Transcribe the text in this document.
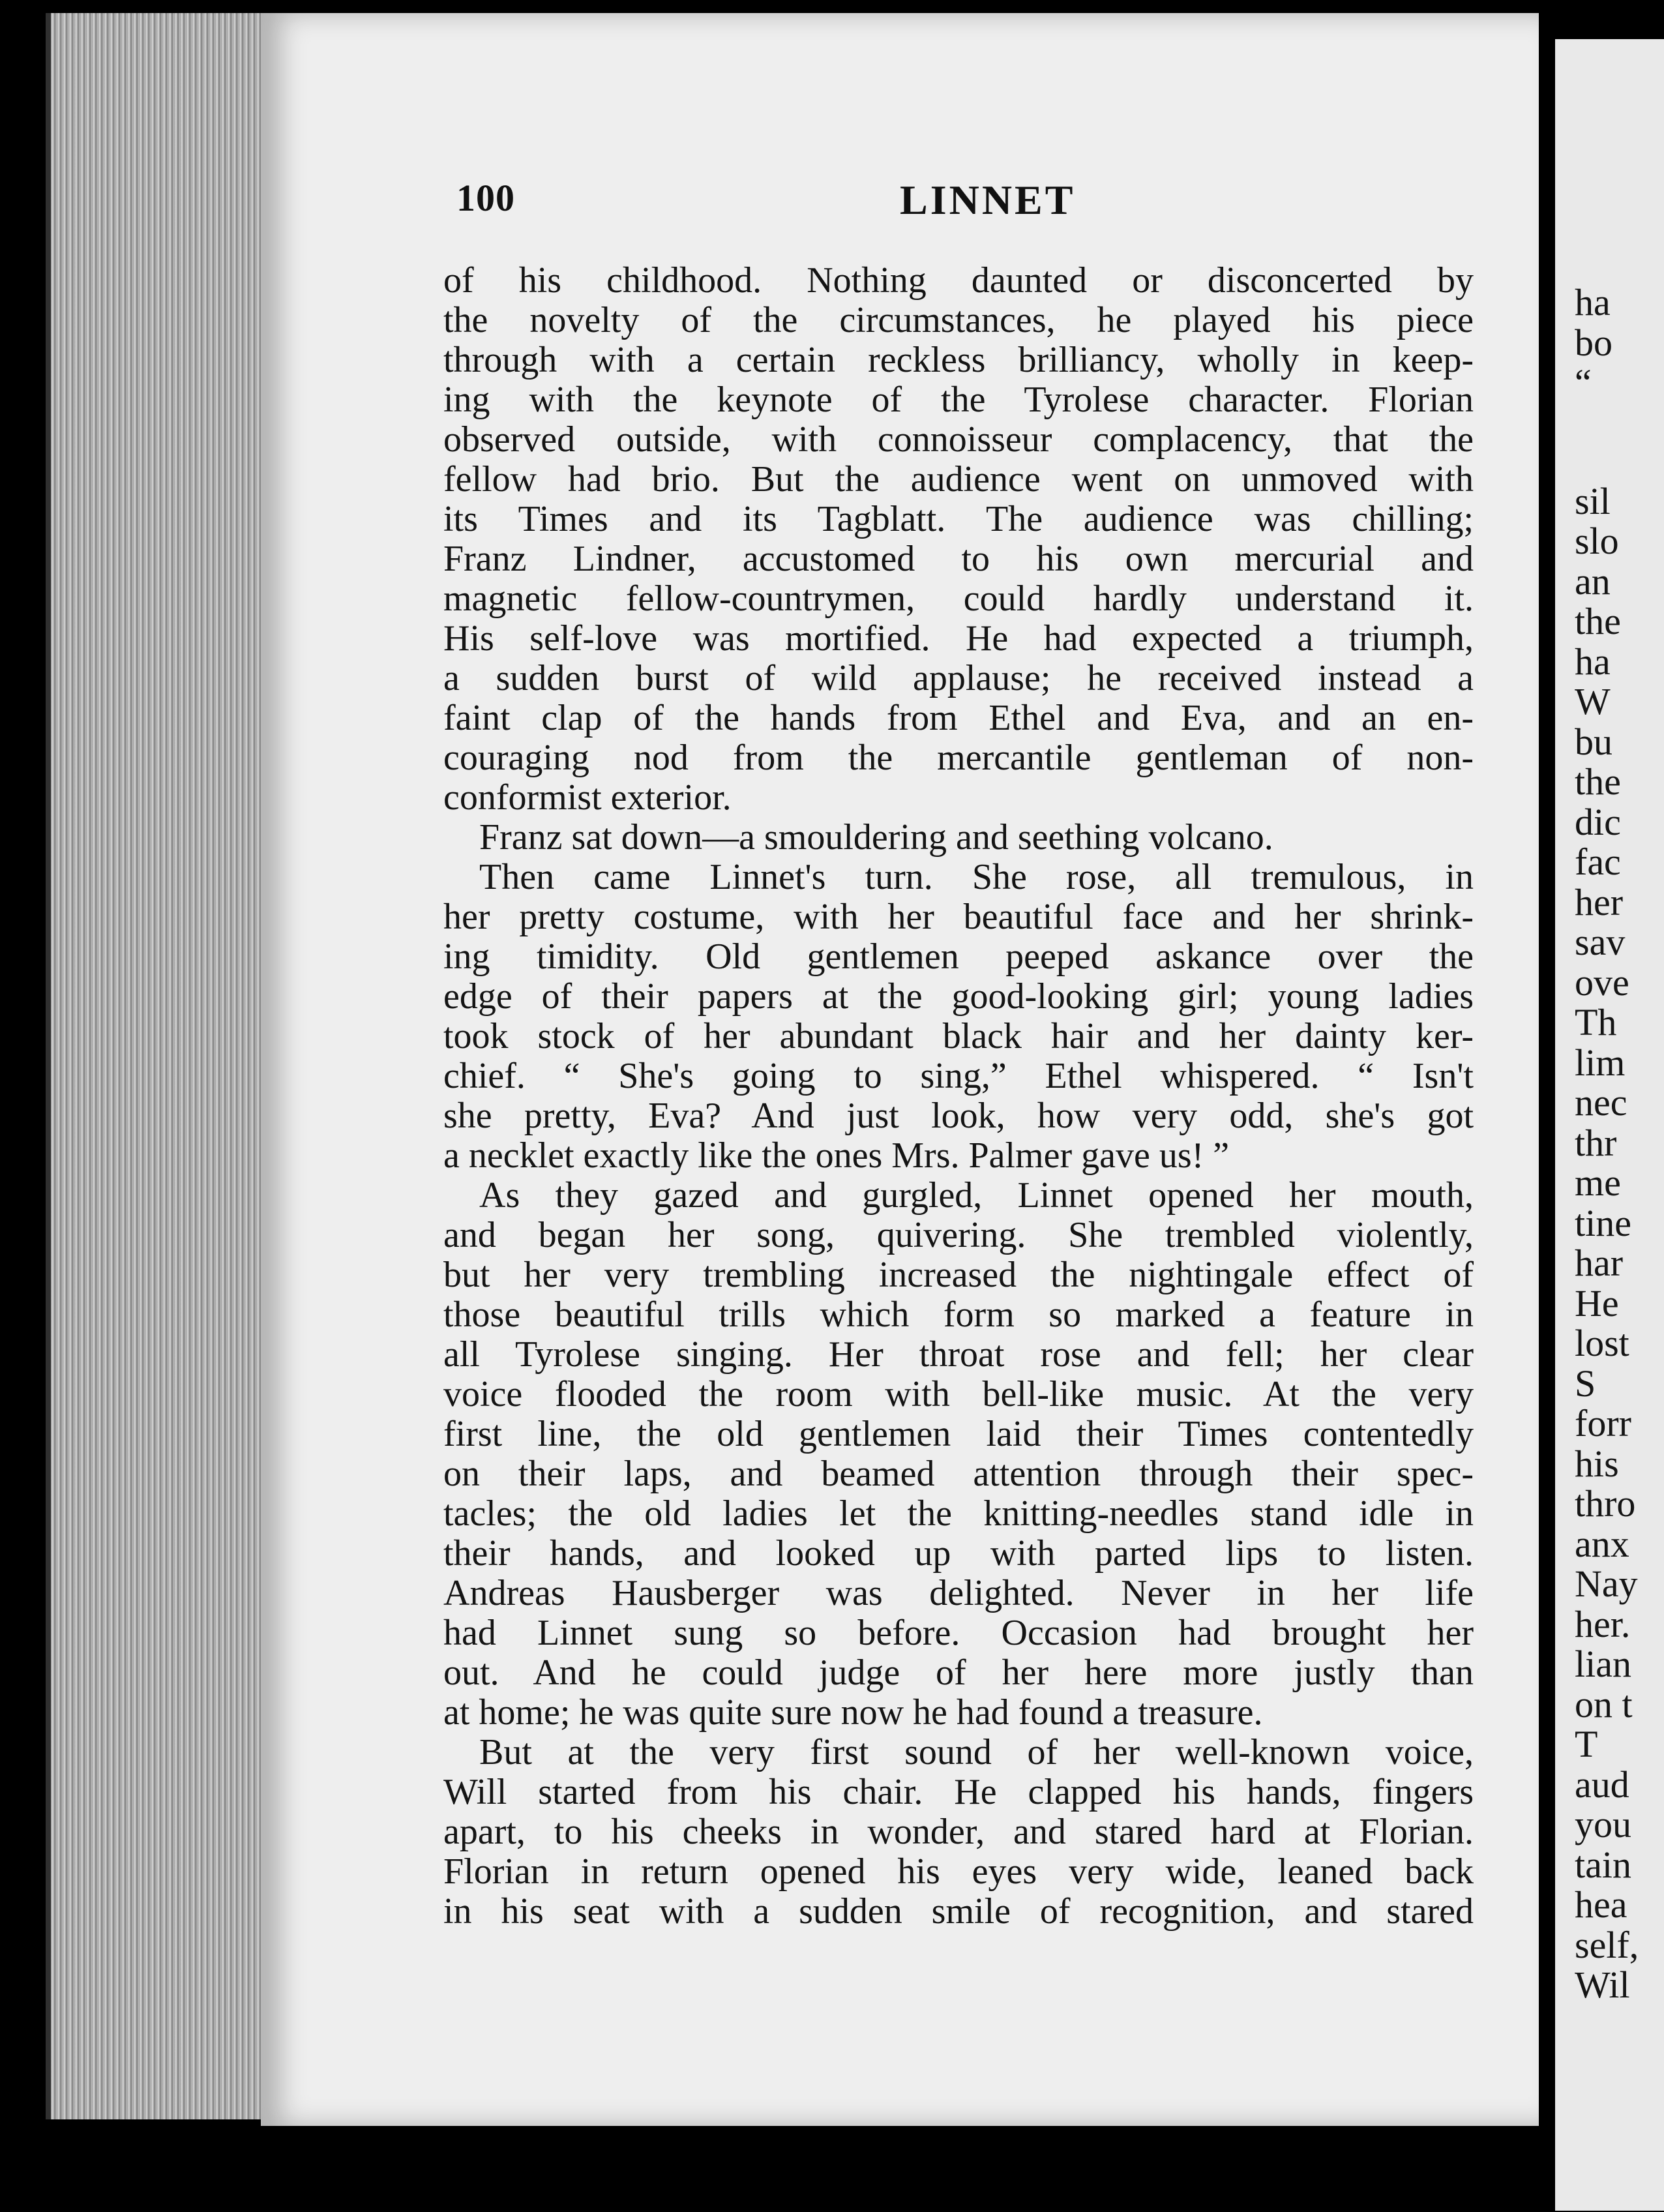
ha
bo
“
sil
slo
an
the
ha
W
bu
the
dic
fac
her
sav
ove
Th
lim
nec
thr
me
tine
har
He
lost
S
forr
his
thro
anx
Nay
her.
lian
on t
T
aud
you
tain
hea
self,
Wil
100	LINNET
of his childhood. Nothing daunted or disconcerted by
the novelty of the circumstances, he played his piece
through with a certain reckless brilliancy, wholly in keep-
ing with the keynote of the Tyrolese character. Florian
observed outside, with connoisseur complacency, that the
fellow had brio. But the audience went on unmoved with
its Times and its Tagblatt. The audience was chilling;
Franz Lindner, accustomed to his own mercurial and
magnetic fellow-countrymen, could hardly understand it.
His self-love was mortified. He had expected a triumph,
a sudden burst of wild applause; he received instead a
faint clap of the hands from Ethel and Eva, and an en-
couraging nod from the mercantile gentleman of non-
conformist exterior.
Franz sat down—a smouldering and seething volcano.
Then came Linnet's turn. She rose, all tremulous, in
her pretty costume, with her beautiful face and her shrink-
ing timidity. Old gentlemen peeped askance over the
edge of their papers at the good-looking girl; young ladies
took stock of her abundant black hair and her dainty ker-
chief. “ She's going to sing,” Ethel whispered. “ Isn't
she pretty, Eva? And just look, how very odd, she's got
a necklet exactly like the ones Mrs. Palmer gave us! ”
As they gazed and gurgled, Linnet opened her mouth,
and began her song, quivering. She trembled violently,
but her very trembling increased the nightingale effect of
those beautiful trills which form so marked a feature in
all Tyrolese singing. Her throat rose and fell; her clear
voice flooded the room with bell-like music. At the very
first line, the old gentlemen laid their Times contentedly
on their laps, and beamed attention through their spec-
tacles; the old ladies let the knitting-needles stand idle in
their hands, and looked up with parted lips to listen.
Andreas Hausberger was delighted. Never in her life
had Linnet sung so before. Occasion had brought her
out. And he could judge of her here more justly than
at home; he was quite sure now he had found a treasure.
But at the very first sound of her well-known voice,
Will started from his chair. He clapped his hands, fingers
apart, to his cheeks in wonder, and stared hard at Florian.
Florian in return opened his eyes very wide, leaned back
in his seat with a sudden smile of recognition, and stared
